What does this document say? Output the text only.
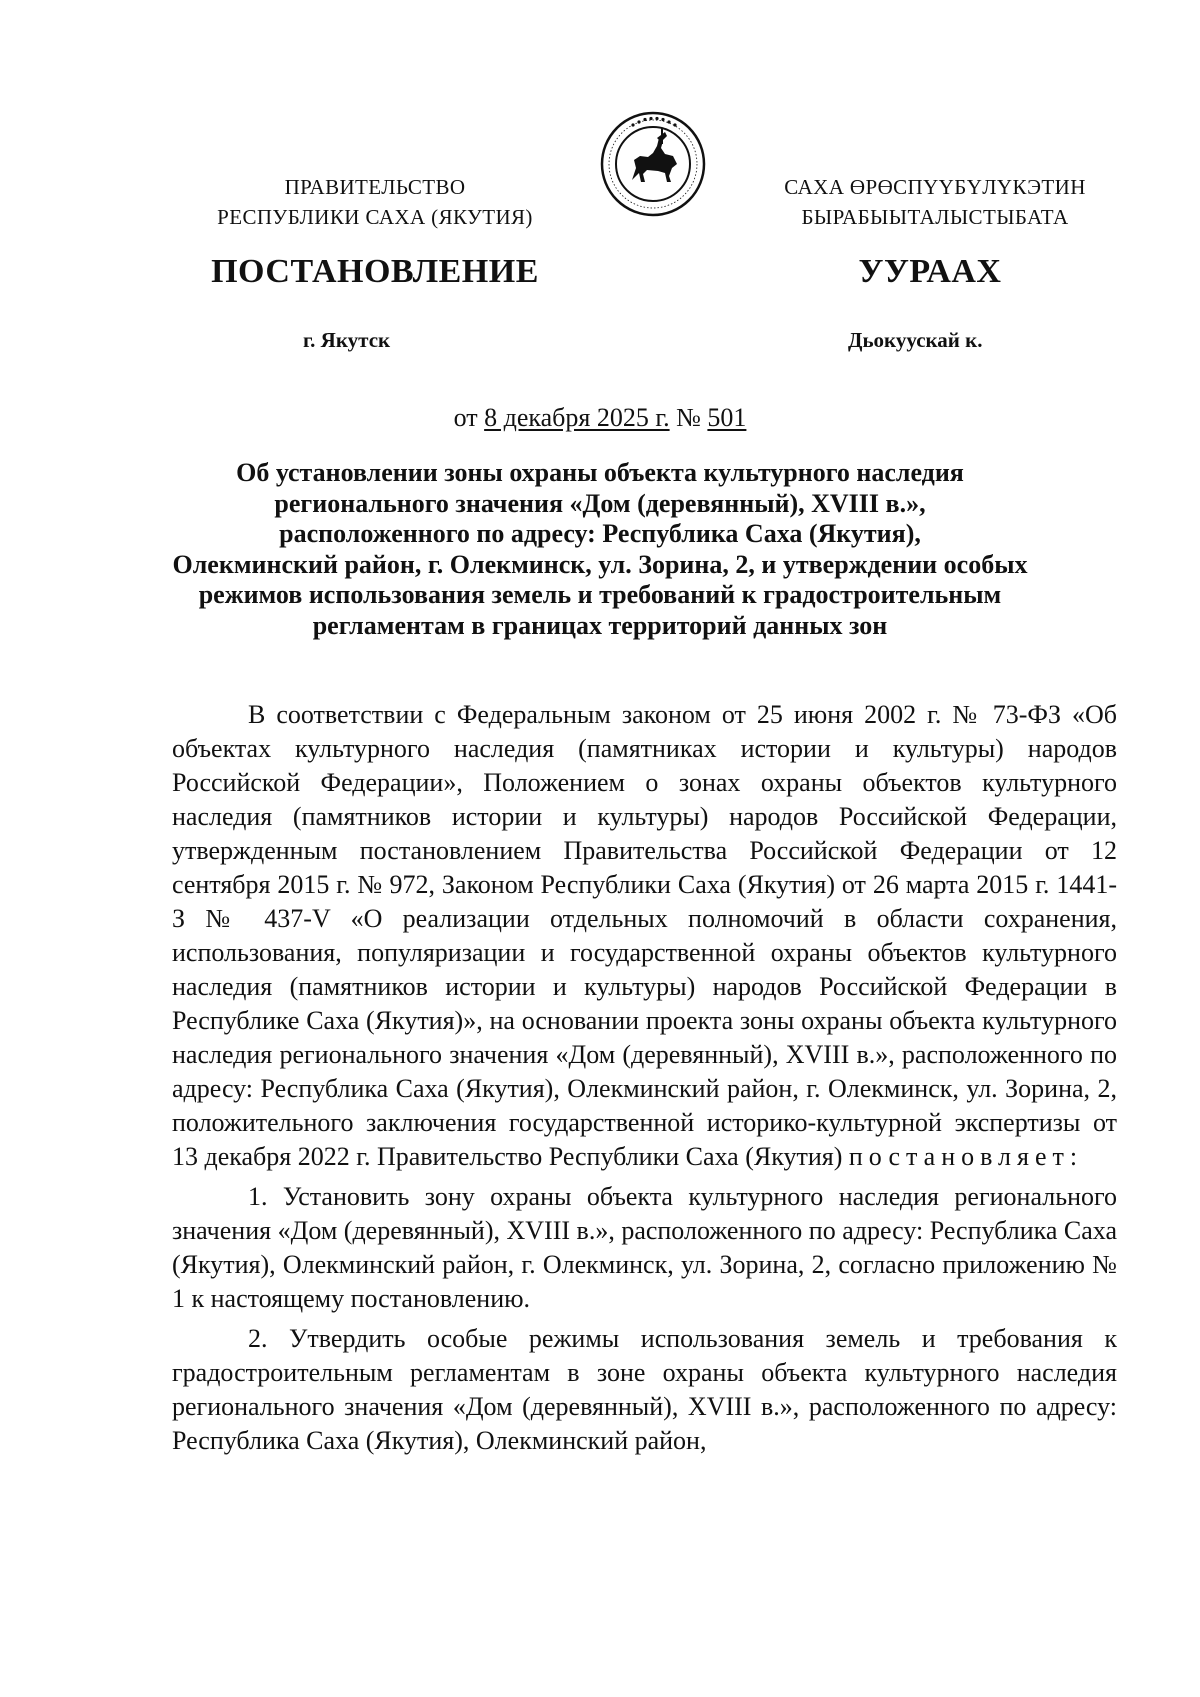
ПРАВИТЕЛЬСТВО
РЕСПУБЛИКИ САХА (ЯКУТИЯ)
САХА ӨРӨСПҮҮБҮЛҮКЭТИН
БЫРАБЫЫТАЛЫСТЫБАТА
ПОСТАНОВЛЕНИЕ	УУРААХ
г. Якутск	Дьокуускай к.
от 8 декабря 2025 г. № 501
Об установлении зоны охраны объекта культурного наследия
регионального значения «Дом (деревянный), XVIII в.»,
расположенного по адресу: Республика Саха (Якутия),
Олекминский район, г. Олекминск, ул. Зорина, 2, и утверждении особых
режимов использования земель и требований к градостроительным
регламентам в границах территорий данных зон

В соответствии с Федеральным законом от 25 июня 2002 г. № 73-ФЗ «Об объектах культурного наследия (памятниках истории и культуры) народов Российской Федерации», Положением о зонах охраны объектов культурного наследия (памятников истории и культуры) народов Российской Федерации, утвержденным постановлением Правительства Российской Федерации от 12 сентября 2015 г. № 972, Законом Республики Саха (Якутия) от 26 марта 2015 г. 1441-З № 437-V «О реализации отдельных полномочий в области сохранения, использования, популяризации и государственной охраны объектов культурного наследия (памятников истории и культуры) народов Российской Федерации в Республике Саха (Якутия)», на основании проекта зоны охраны объекта культурного наследия регионального значения «Дом (деревянный), XVIII в.», расположенного по адресу: Республика Саха (Якутия), Олекминский район, г. Олекминск, ул. Зорина, 2, положительного заключения государственной историко-культурной экспертизы от 13 декабря 2022 г. Правительство Республики Саха (Якутия) постановляет:

1. Установить зону охраны объекта культурного наследия регионального значения «Дом (деревянный), XVIII в.», расположенного по адресу: Республика Саха (Якутия), Олекминский район, г. Олекминск, ул. Зорина, 2, согласно приложению № 1 к настоящему постановлению.

2. Утвердить особые режимы использования земель и требования к градостроительным регламентам в зоне охраны объекта культурного наследия регионального значения «Дом (деревянный), XVIII в.», расположенного по адресу: Республика Саха (Якутия), Олекминский район,
